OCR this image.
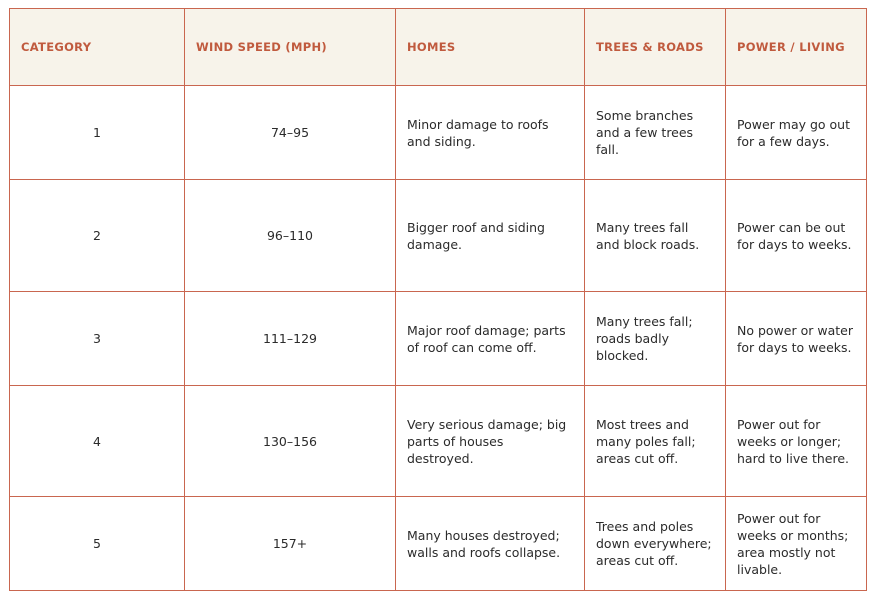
CATEGORY	WIND SPEED (MPH)	HOMES	TREES & ROADS	POWER / LIVING
1	74–95	Minor damage to roofs and siding.	Some branches and a few trees fall.	Power may go out for a few days.
2	96–110	Bigger roof and siding damage.	Many trees fall and block roads.	Power can be out for days to weeks.
3	111–129	Major roof damage; parts of roof can come off.	Many trees fall; roads badly blocked.	No power or water for days to weeks.
4	130–156	Very serious damage; big parts of houses destroyed.	Most trees and many poles fall; areas cut off.	Power out for weeks or longer; hard to live there.
5	157+	Many houses destroyed; walls and roofs collapse.	Trees and poles down everywhere; areas cut off.	Power out for weeks or months; area mostly not livable.
